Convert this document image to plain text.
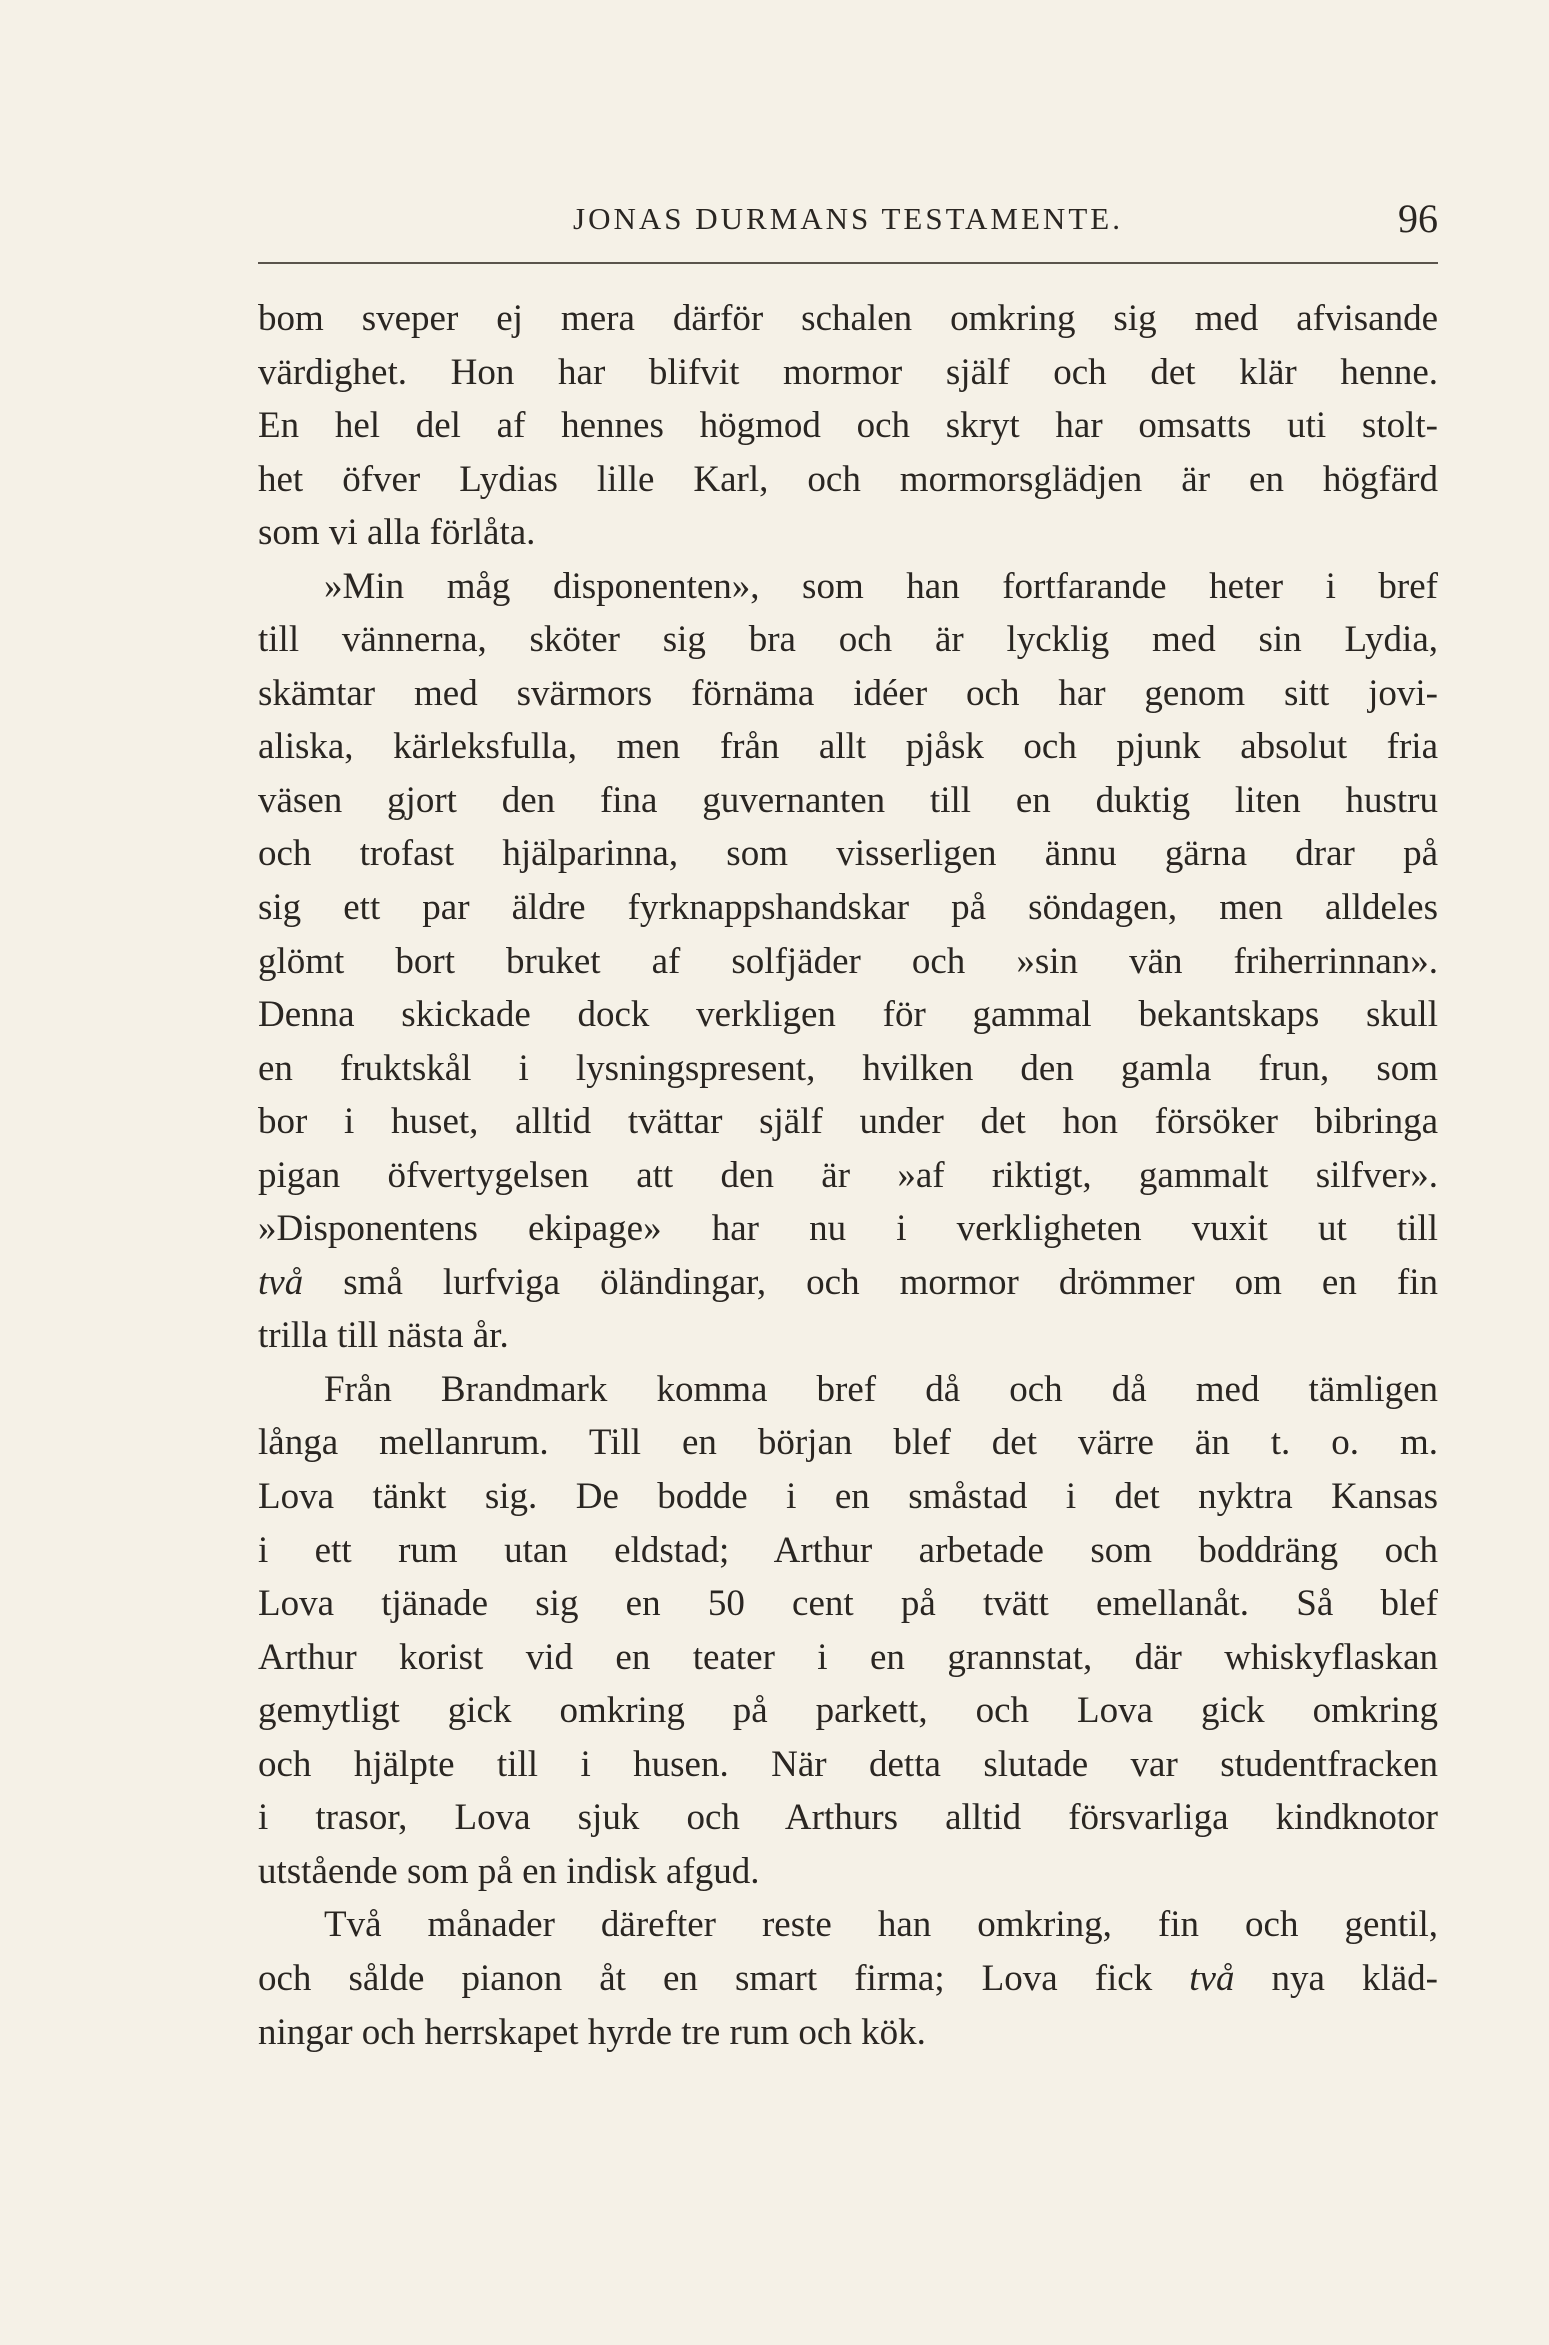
JONAS DURMANS TESTAMENTE.	96
bom sveper ej mera därför schalen omkring sig med afvisande
värdighet. Hon har blifvit mormor själf och det klär henne.
En hel del af hennes högmod och skryt har omsatts uti stolt-
het öfver Lydias lille Karl, och mormorsglädjen är en högfärd
som vi alla förlåta.
»Min måg disponenten», som han fortfarande heter i bref
till vännerna, sköter sig bra och är lycklig med sin Lydia,
skämtar med svärmors förnäma idéer och har genom sitt jovi-
aliska, kärleksfulla, men från allt pjåsk och pjunk absolut fria
väsen gjort den fina guvernanten till en duktig liten hustru
och trofast hjälparinna, som visserligen ännu gärna drar på
sig ett par äldre fyrknappshandskar på söndagen, men alldeles
glömt bort bruket af solfjäder och »sin vän friherrinnan».
Denna skickade dock verkligen för gammal bekantskaps skull
en fruktskål i lysningspresent, hvilken den gamla frun, som
bor i huset, alltid tvättar själf under det hon försöker bibringa
pigan öfvertygelsen att den är »af riktigt, gammalt silfver».
»Disponentens ekipage» har nu i verkligheten vuxit ut till
två små lurfviga öländingar, och mormor drömmer om en fin
trilla till nästa år.
Från Brandmark komma bref då och då med tämligen
långa mellanrum. Till en början blef det värre än t. o. m.
Lova tänkt sig. De bodde i en småstad i det nyktra Kansas
i ett rum utan eldstad; Arthur arbetade som boddräng och
Lova tjänade sig en 50 cent på tvätt emellanåt. Så blef
Arthur korist vid en teater i en grannstat, där whiskyflaskan
gemytligt gick omkring på parkett, och Lova gick omkring
och hjälpte till i husen. När detta slutade var studentfracken
i trasor, Lova sjuk och Arthurs alltid försvarliga kindknotor
utstående som på en indisk afgud.
Två månader därefter reste han omkring, fin och gentil,
och sålde pianon åt en smart firma; Lova fick två nya kläd-
ningar och herrskapet hyrde tre rum och kök.
